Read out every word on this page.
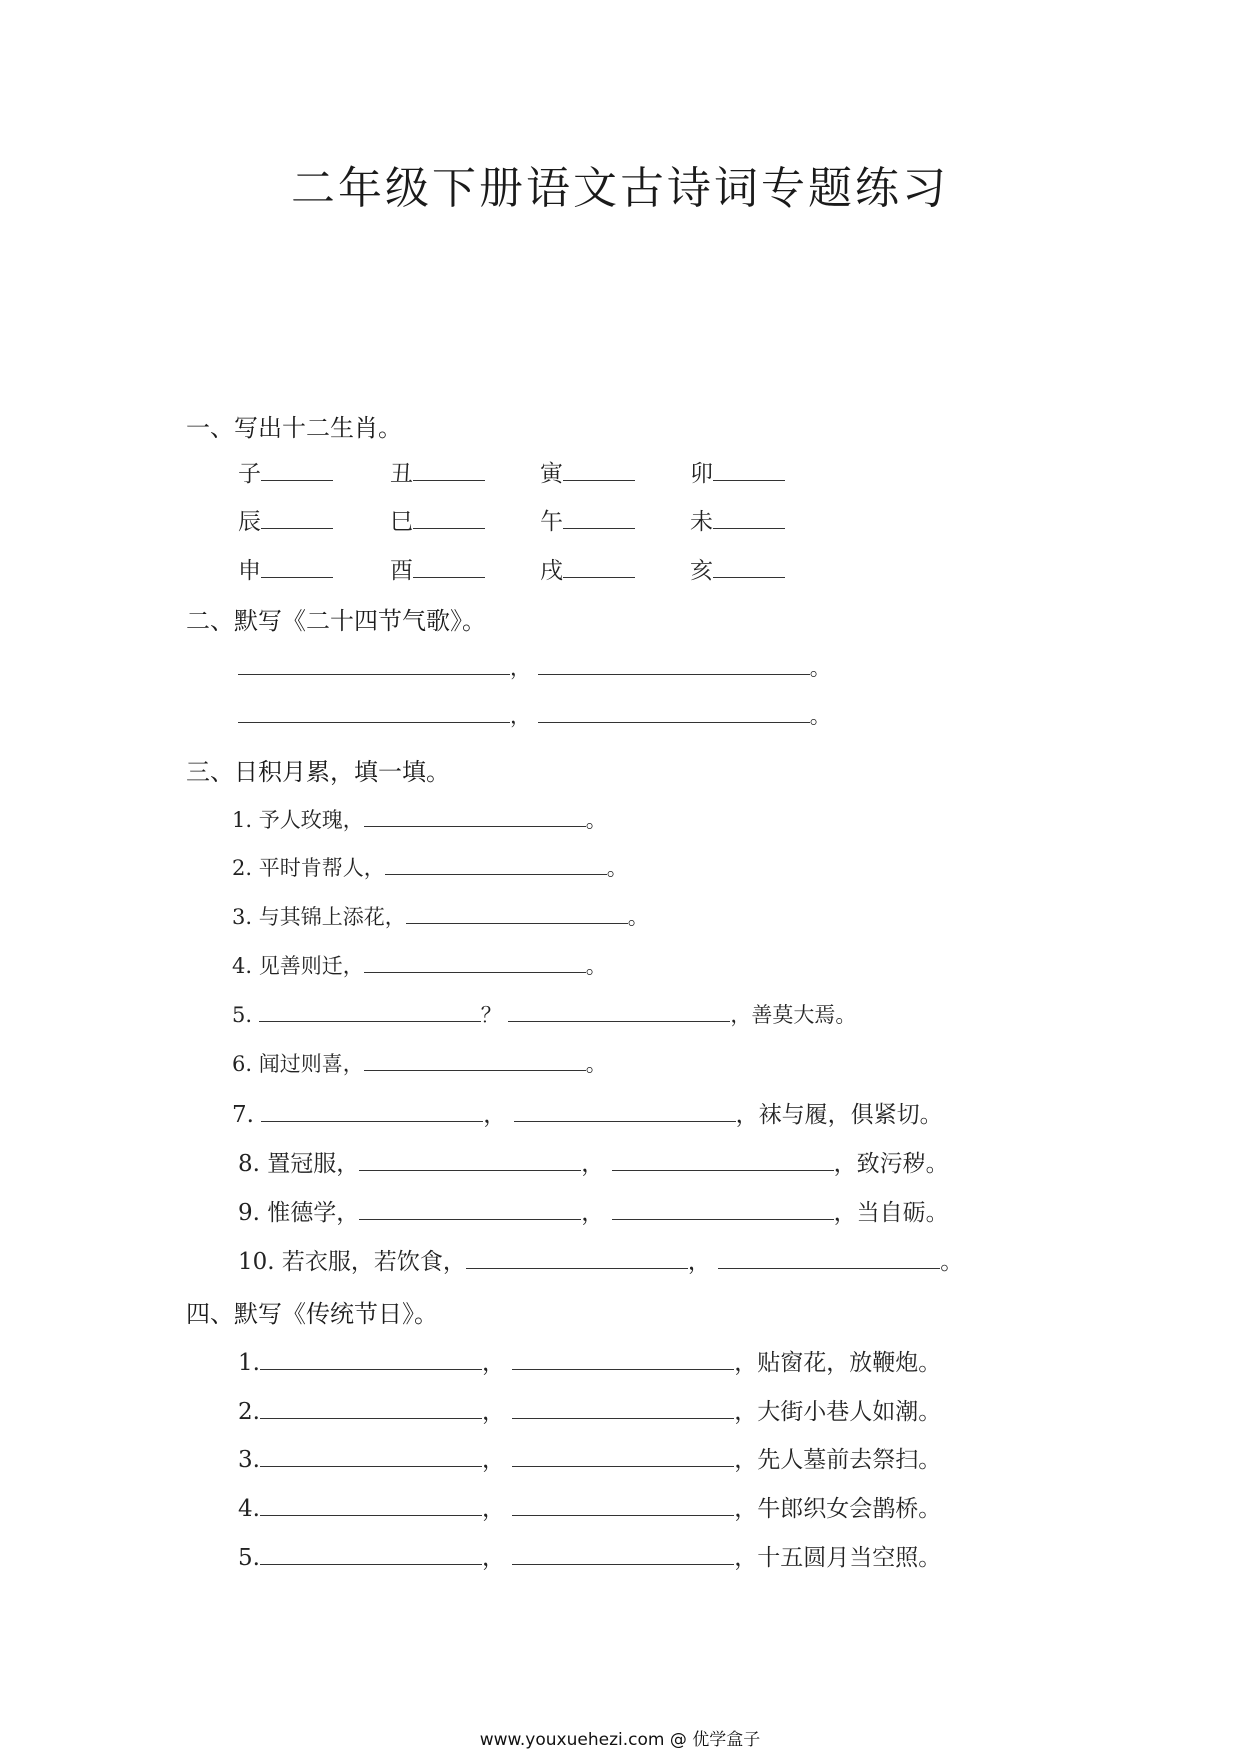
二年级下册语文古诗词专题练习
一、写出十二生肖。
子	丑	寅	卯
辰	巳	午	未
申	酉	戌	亥
二、默写《二十四节气歌》。
，	。
，	。
三、日积月累，填一填。
1. 予人玫瑰，	。
2. 平时肯帮人，	。
3. 与其锦上添花，	。
4. 见善则迁，	。
5.	？	，善莫大焉。
6. 闻过则喜，	。
7.	，	，袜与履，俱紧切。
8. 置冠服，	，	，致污秽。
9. 惟德学，	，	，当自砺。
10. 若衣服，若饮食，	，	。
四、默写《传统节日》。
1.	，	，贴窗花，放鞭炮。
2.	，	，大街小巷人如潮。
3.	，	，先人墓前去祭扫。
4.	，	，牛郎织女会鹊桥。
5.	，	，十五圆月当空照。
www.youxuehezi.com @ 优学盒子
